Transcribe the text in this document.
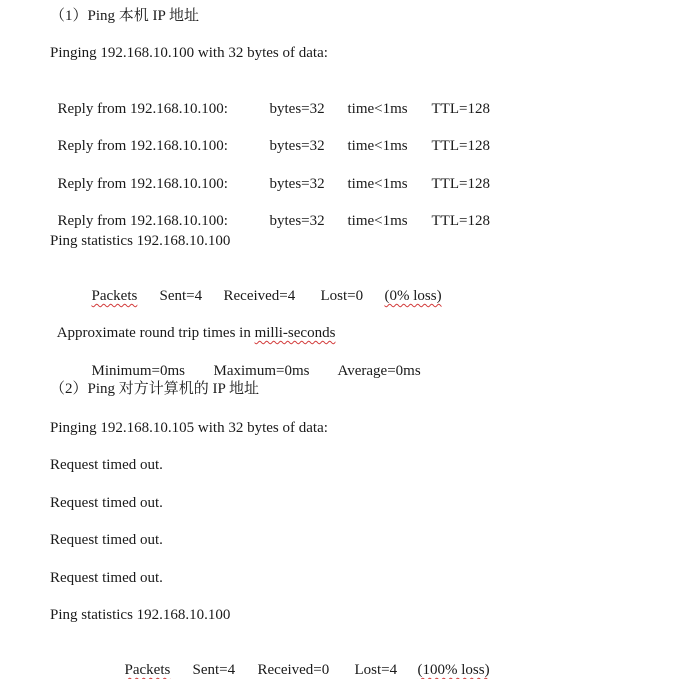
（1）Ping 本机 IP 地址
Pinging 192.168.10.100 with 32 bytes of data:

Reply from 192.168.10.100:	bytes=32 time<1ms TTL=128

Reply from 192.168.10.100:	bytes=32 time<1ms TTL=128

Reply from 192.168.10.100:	bytes=32 time<1ms TTL=128

Reply from 192.168.10.100:	bytes=32 time<1ms TTL=128

Ping statistics 192.168.10.100

Packets Sent=4 Received=4 Lost=0 (0% loss)

Approximate round trip times in milli-seconds

Minimum=0ms Maximum=0ms Average=0ms

（2）Ping 对方计算机的 IP 地址
Pinging 192.168.10.105 with 32 bytes of data:
Request timed out.
Request timed out.
Request timed out.
Request timed out.
Ping statistics 192.168.10.100

Packets Sent=4 Received=0 Lost=4 (100% loss)
